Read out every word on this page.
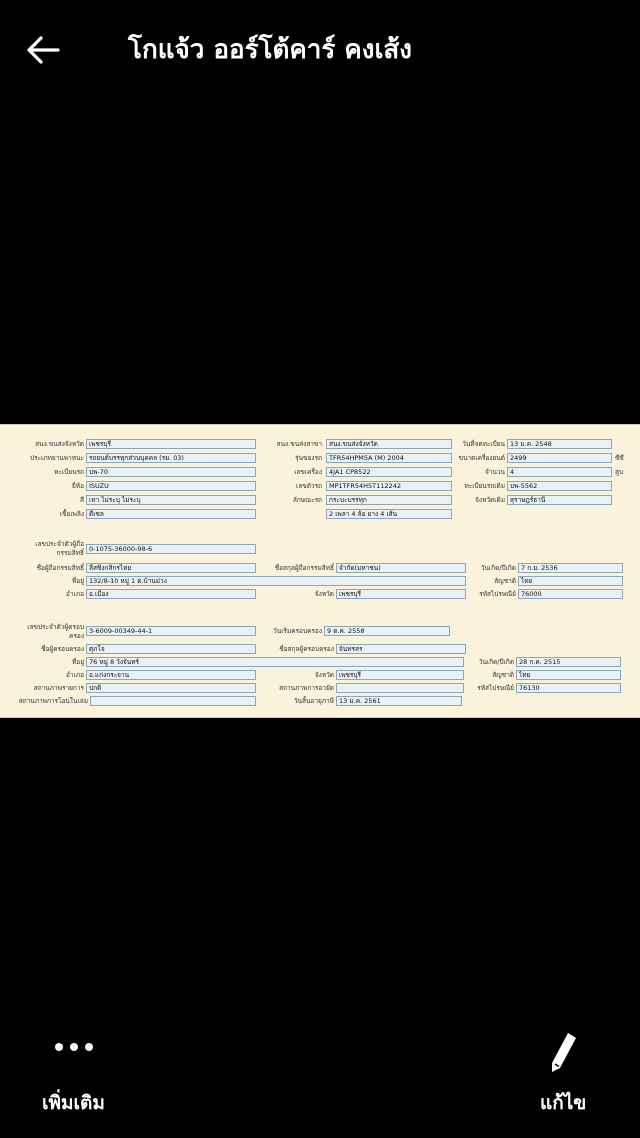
โกแจ้ว ออร์โต้คาร์ คงเส้ง
สนง.ขนส่งจังหวัด เพชรบุรี	สนง.ขนส่งสาขา	สนง.ขนส่งจังหวัด	วันที่จดทะเบียน 13 ม.ค. 2548
ประเภทยานพาหนะ รถยนต์บรรทุกส่วนบุคคล (รย. 03)	รุ่นของรถ	TFR54HPM5A (M) 2004	ขนาดเครื่องยนต์ 2499	ซีซี
ทะเบียนรถ บพ-70	เลขเครื่อง	4JA1 CP8522	จำนวน 4	สูบ
ยี่ห้อ ISUZU	เลขตัวรถ	MP1TFR54H5T112242	ทะเบียนรถเดิม บพ-5562
สี เทา ไม่ระบุ ไม่ระบุ	ลักษณะรถ	กระบะบรรทุก	จังหวัดเดิม สุราษฎร์ธานี
เชื้อเพลิง ดีเซล	2 เพลา 4 ล้อ ยาง 4 เส้น
เลขประจำตัวผู้ถือ
กรรมสิทธิ์ 0-1075-36000-98-6
ชื่อผู้ถือกรรมสิทธิ์ ลีสซิ่งกสิกรไทย	ชื่อสกุลผู้ถือกรรมสิทธิ์ จำกัด(มหาชน)	วันเกิด/ปีเกิด 7 ก.ย. 2536
ที่อยู่ 132/8-10 หมู่ 1 ต.บ้านม่วง	สัญชาติ ไทย
อำเภอ อ.เมือง	จังหวัด เพชรบุรี	รหัสไปรษณีย์ 76000
เลขประจำตัวผู้ครอบ
ครอง
3-6009-00349-44-1	วันเริ่มครอบครอง 9 ต.ค. 2558
ชื่อผู้ครอบครอง ศุภโจ	ชื่อสกุลผู้ครอบครอง จันทรสร
ที่อยู่ 76 หมู่ 8 วังจันทร์	วันเกิด/ปีเกิด 28 ก.ค. 2515
อำเภอ อ.แก่งกระจาน	จังหวัด เพชรบุรี	สัญชาติ ไทย
สถานภาพรายการ ปกติ	สถานภาพการอายัด	รหัสไปรษณีย์ 76130
สถานภาพการโอนในเล่ม	วันสิ้นอายุภาษี 13 ม.ค. 2561
เพิ่มเติม	แก้ไข
